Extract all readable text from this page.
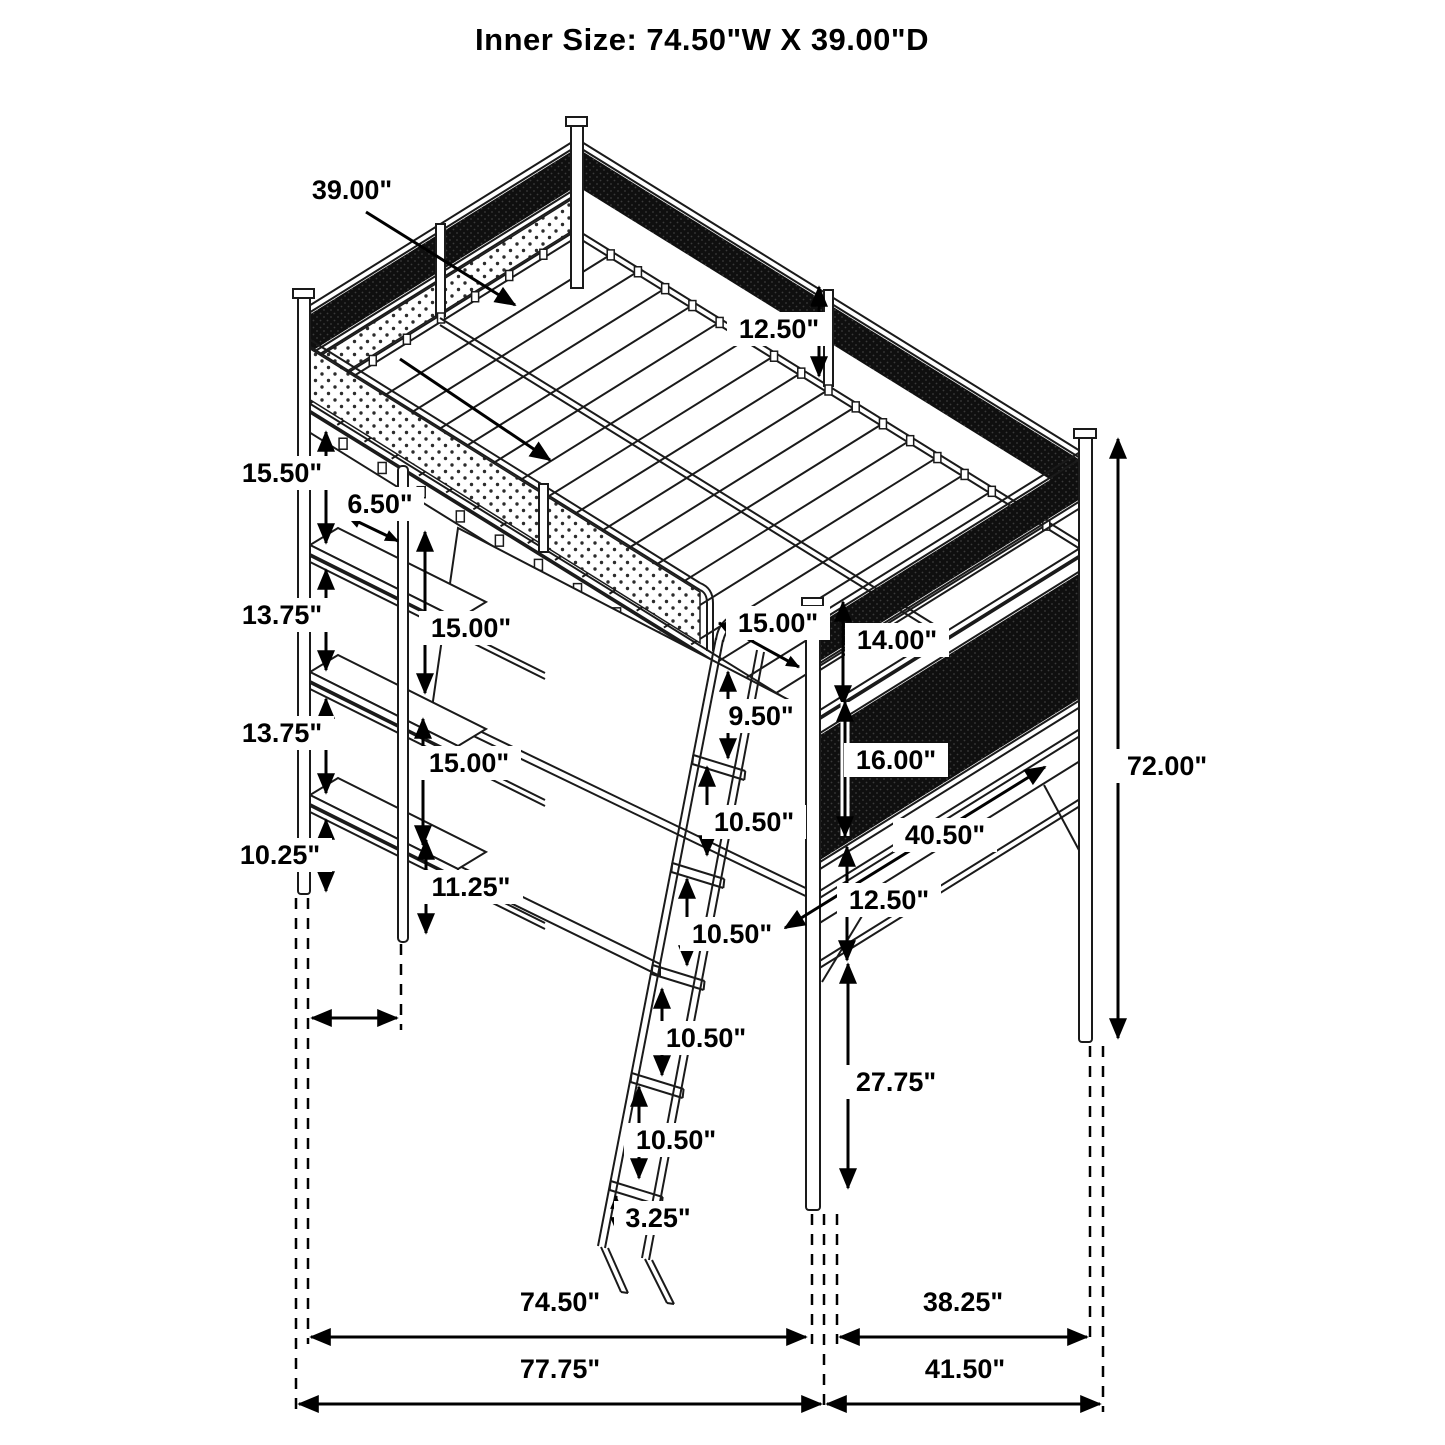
Inner Size: 74.50"W X 39.00"D
39.00"
12.50"
15.50"
6.50"
13.75"	15.00"
13.75"
15.00"
10.25"
11.25"
15.00"
14.00"
9.50"
16.00"
10.50"	40.50"
12.50"
10.50"
10.50"
10.50"
27.75"
3.25"
72.00"
74.50"	38.25"
77.75"	41.50"
